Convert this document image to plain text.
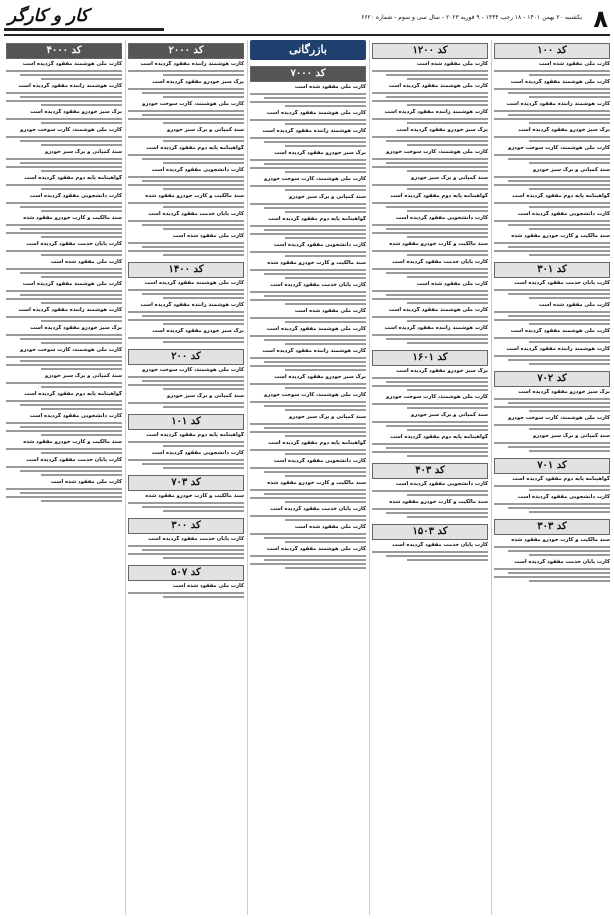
۸
یکشنبه ۲۰ بهمن ۱۴۰۱ - ۱۸ رجب ۱۴۴۴ - ۹ فوریه ۲۰۲۳ - سال سی و سوم - شماره ۶۶۲۰
کار و کارگر
کد ۱۰۰
کارت ملی مفقود شده است
کارت ملی هوشمند مفقود گردیده است
کارت هوشمند راننده مفقود گردیده است
برگ سبز خودرو مفقود گردیده است
کارت ملی هوشمند، کارت سوخت خودرو
سند کمپانی و برگ سبز خودرو
گواهینامه پایه دوم مفقود گردیده است
کارت دانشجویی مفقود گردیده است
سند مالکیت و کارت خودرو مفقود شده
کد ۳۰۱
کارت پایان خدمت مفقود گردیده است
کارت ملی مفقود شده است
کارت ملی هوشمند مفقود گردیده است
کارت هوشمند راننده مفقود گردیده است
کد ۷۰۲
برگ سبز خودرو مفقود گردیده است
کارت ملی هوشمند، کارت سوخت خودرو
سند کمپانی و برگ سبز خودرو
کد ۷۰۱
گواهینامه پایه دوم مفقود گردیده است
کارت دانشجویی مفقود گردیده است
کد ۳۰۳
سند مالکیت و کارت خودرو مفقود شده
کارت پایان خدمت مفقود گردیده است
کد ۱۲۰۰
کارت ملی مفقود شده است
کارت ملی هوشمند مفقود گردیده است
کارت هوشمند راننده مفقود گردیده است
برگ سبز خودرو مفقود گردیده است
کارت ملی هوشمند، کارت سوخت خودرو
سند کمپانی و برگ سبز خودرو
گواهینامه پایه دوم مفقود گردیده است
کارت دانشجویی مفقود گردیده است
سند مالکیت و کارت خودرو مفقود شده
کارت پایان خدمت مفقود گردیده است
کارت ملی مفقود شده است
کارت ملی هوشمند مفقود گردیده است
کارت هوشمند راننده مفقود گردیده است
کد ۱۶۰۱
برگ سبز خودرو مفقود گردیده است
کارت ملی هوشمند، کارت سوخت خودرو
سند کمپانی و برگ سبز خودرو
گواهینامه پایه دوم مفقود گردیده است
کد ۴۰۳
کارت دانشجویی مفقود گردیده است
سند مالکیت و کارت خودرو مفقود شده
کد ۱۵۰۳
کارت پایان خدمت مفقود گردیده است
بازرگانی
کد ۷۰۰۰
کارت ملی مفقود شده است
کارت ملی هوشمند مفقود گردیده است
کارت هوشمند راننده مفقود گردیده است
برگ سبز خودرو مفقود گردیده است
کارت ملی هوشمند، کارت سوخت خودرو
سند کمپانی و برگ سبز خودرو
گواهینامه پایه دوم مفقود گردیده است
کارت دانشجویی مفقود گردیده است
سند مالکیت و کارت خودرو مفقود شده
کارت پایان خدمت مفقود گردیده است
کارت ملی مفقود شده است
کارت ملی هوشمند مفقود گردیده است
کارت هوشمند راننده مفقود گردیده است
برگ سبز خودرو مفقود گردیده است
کارت ملی هوشمند، کارت سوخت خودرو
سند کمپانی و برگ سبز خودرو
گواهینامه پایه دوم مفقود گردیده است
کارت دانشجویی مفقود گردیده است
سند مالکیت و کارت خودرو مفقود شده
کارت پایان خدمت مفقود گردیده است
کارت ملی مفقود شده است
کارت ملی هوشمند مفقود گردیده است
کد ۲۰۰۰
کارت هوشمند راننده مفقود گردیده است
برگ سبز خودرو مفقود گردیده است
کارت ملی هوشمند، کارت سوخت خودرو
سند کمپانی و برگ سبز خودرو
گواهینامه پایه دوم مفقود گردیده است
کارت دانشجویی مفقود گردیده است
سند مالکیت و کارت خودرو مفقود شده
کارت پایان خدمت مفقود گردیده است
کارت ملی مفقود شده است
کد ۱۴۰۰
کارت ملی هوشمند مفقود گردیده است
کارت هوشمند راننده مفقود گردیده است
برگ سبز خودرو مفقود گردیده است
کد ۲۰۰
کارت ملی هوشمند، کارت سوخت خودرو
سند کمپانی و برگ سبز خودرو
کد ۱۰۱
گواهینامه پایه دوم مفقود گردیده است
کارت دانشجویی مفقود گردیده است
کد ۷۰۳
سند مالکیت و کارت خودرو مفقود شده
کد ۳۰۰
کارت پایان خدمت مفقود گردیده است
کد ۵۰۷
کارت ملی مفقود شده است
کد ۴۰۰۰
کارت ملی هوشمند مفقود گردیده است
کارت هوشمند راننده مفقود گردیده است
برگ سبز خودرو مفقود گردیده است
کارت ملی هوشمند، کارت سوخت خودرو
سند کمپانی و برگ سبز خودرو
گواهینامه پایه دوم مفقود گردیده است
کارت دانشجویی مفقود گردیده است
سند مالکیت و کارت خودرو مفقود شده
کارت پایان خدمت مفقود گردیده است
کارت ملی مفقود شده است
کارت ملی هوشمند مفقود گردیده است
کارت هوشمند راننده مفقود گردیده است
برگ سبز خودرو مفقود گردیده است
کارت ملی هوشمند، کارت سوخت خودرو
سند کمپانی و برگ سبز خودرو
گواهینامه پایه دوم مفقود گردیده است
کارت دانشجویی مفقود گردیده است
سند مالکیت و کارت خودرو مفقود شده
کارت پایان خدمت مفقود گردیده است
کارت ملی مفقود شده است
